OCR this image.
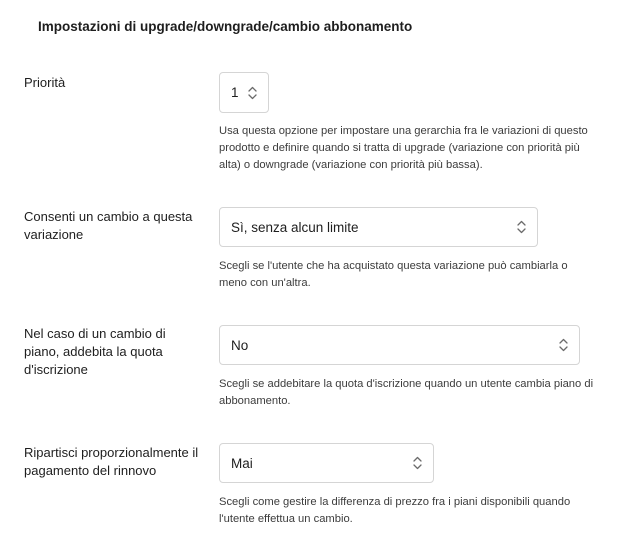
Impostazioni di upgrade/downgrade/cambio abbonamento
Priorità
1
Usa questa opzione per impostare una gerarchia fra le variazioni di questo prodotto e definire quando si tratta di upgrade (variazione con priorità più alta) o downgrade (variazione con priorità più bassa).
Consenti un cambio a questa variazione	Sì, senza alcun limite
Scegli se l'utente che ha acquistato questa variazione può cambiarla o meno con un'altra.
Nel caso di un cambio di piano, addebita la quota d'iscrizione
No
Scegli se addebitare la quota d'iscrizione quando un utente cambia piano di abbonamento.
Ripartisci proporzionalmente il pagamento del rinnovo	Mai
Scegli come gestire la differenza di prezzo fra i piani disponibili quando l'utente effettua un cambio.
